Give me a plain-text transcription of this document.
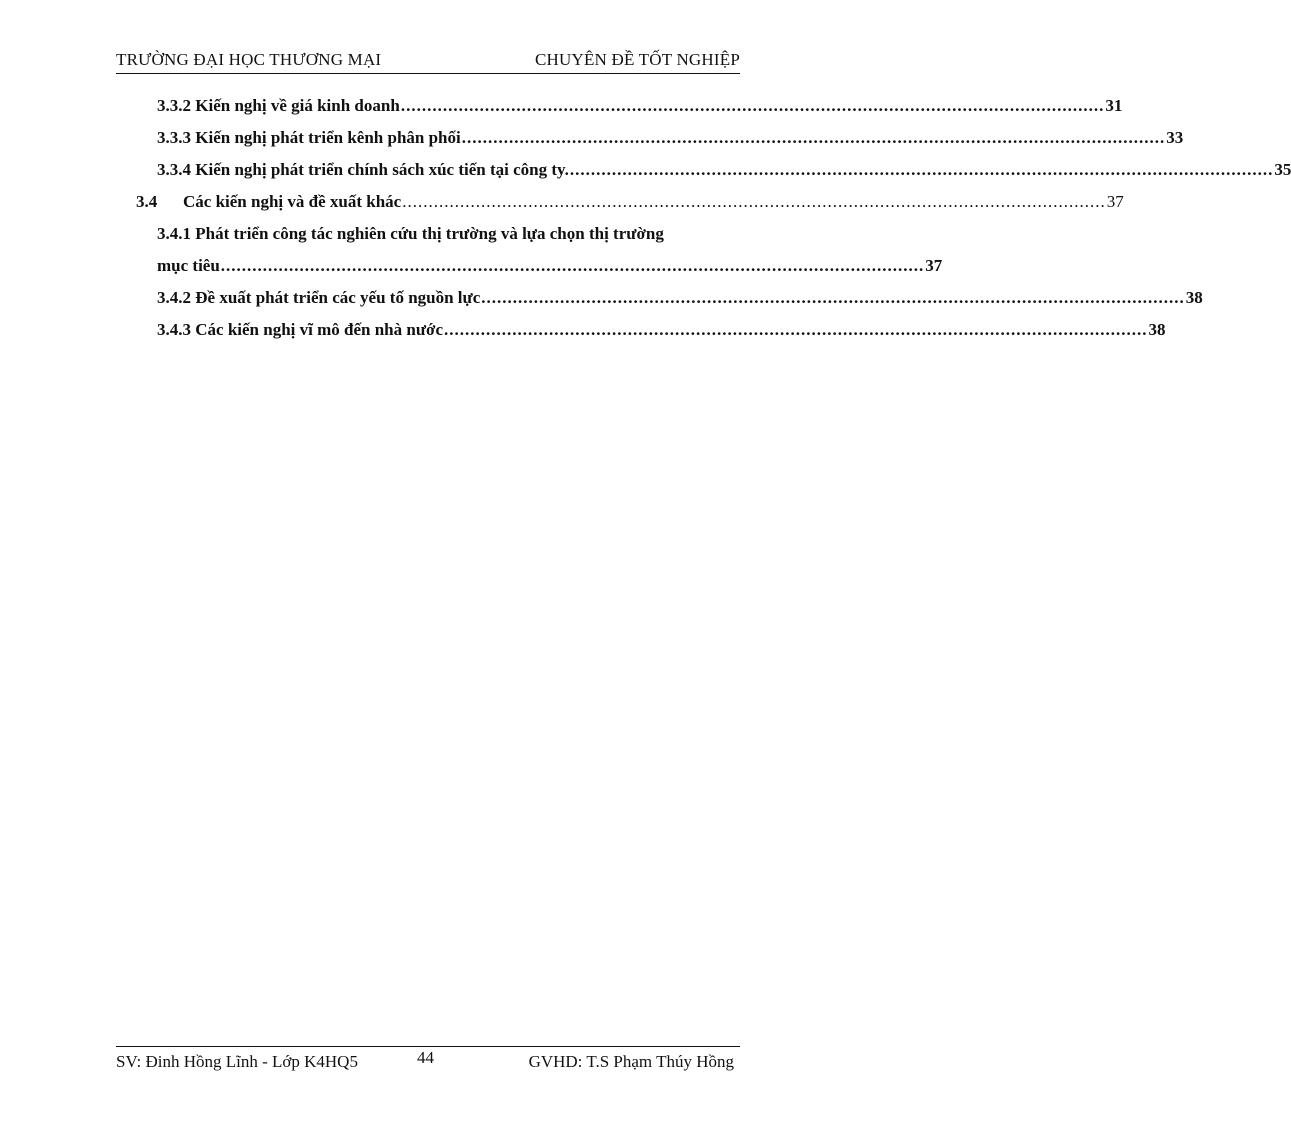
TRƯỜNG ĐẠI HỌC THƯƠNG MẠI	CHUYÊN ĐỀ TỐT NGHIỆP
3.3.2 Kiến nghị về giá kinh doanh ...................................................................................................................................... 31
3.3.3 Kiến nghị phát triển kênh phân phối ...................................................................................................................................... 33
3.3.4 Kiến nghị phát triển chính sách xúc tiến tại công ty. ...................................................................................................................................... 35
3.4 Các kiến nghị và đề xuất khác ...................................................................................................................................... 37
3.4.1 Phát triển công tác nghiên cứu thị trường và lựa chọn thị trường
mục tiêu ...................................................................................................................................... 37
3.4.2 Đề xuất phát triển các yếu tố nguồn lực ...................................................................................................................................... 38
3.4.3 Các kiến nghị vĩ mô đến nhà nước ...................................................................................................................................... 38
SV: Đinh Hồng Lĩnh - Lớp K4HQ5	44	GVHD: T.S Phạm Thúy Hồng
